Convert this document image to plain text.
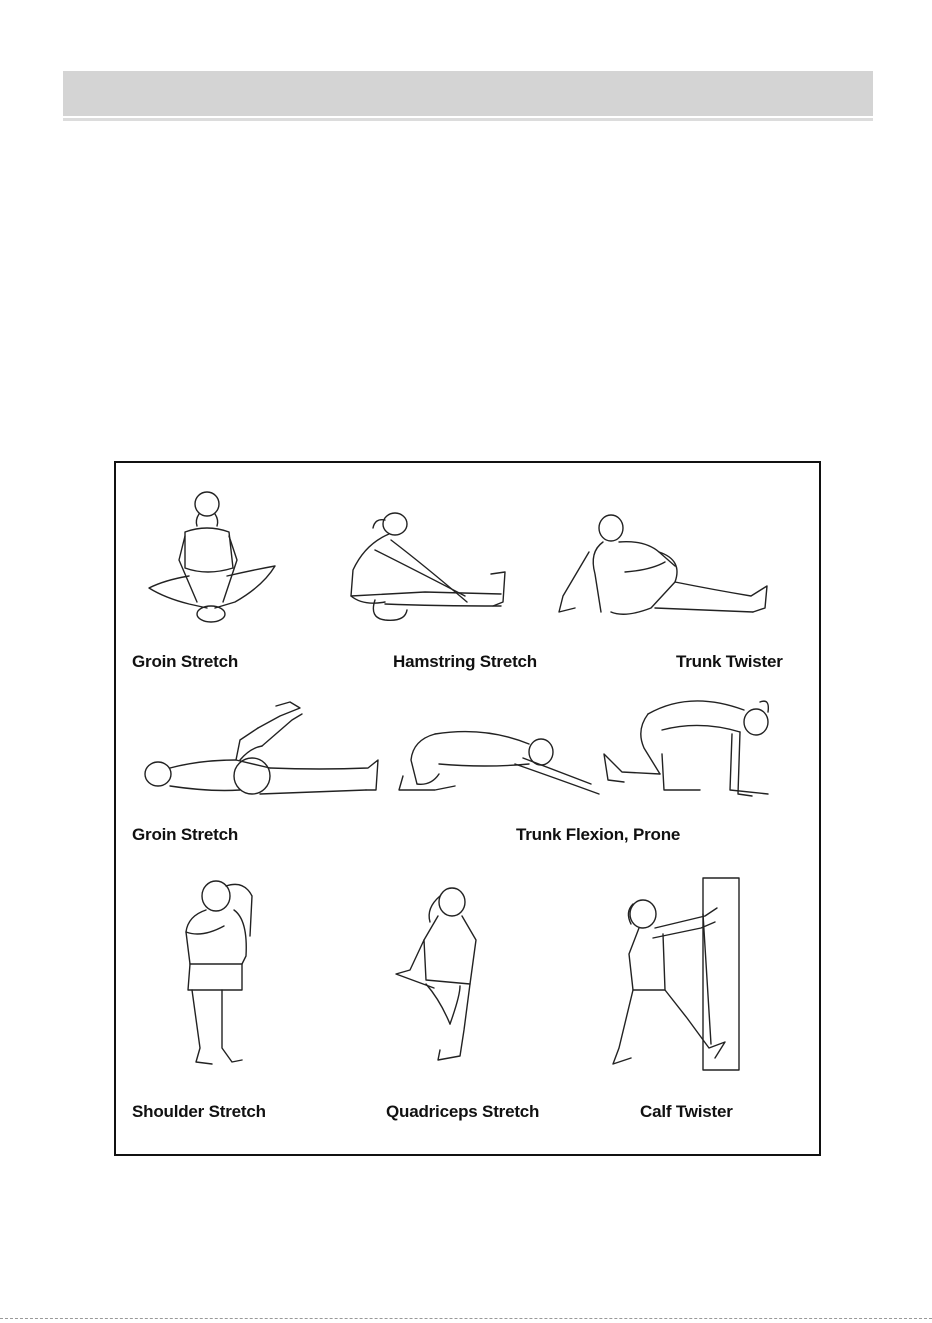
Groin Stretch	Hamstring Stretch	Trunk Twister
Groin Stretch	Trunk Flexion, Prone
Shoulder Stretch	Quadriceps Stretch	Calf Twister
